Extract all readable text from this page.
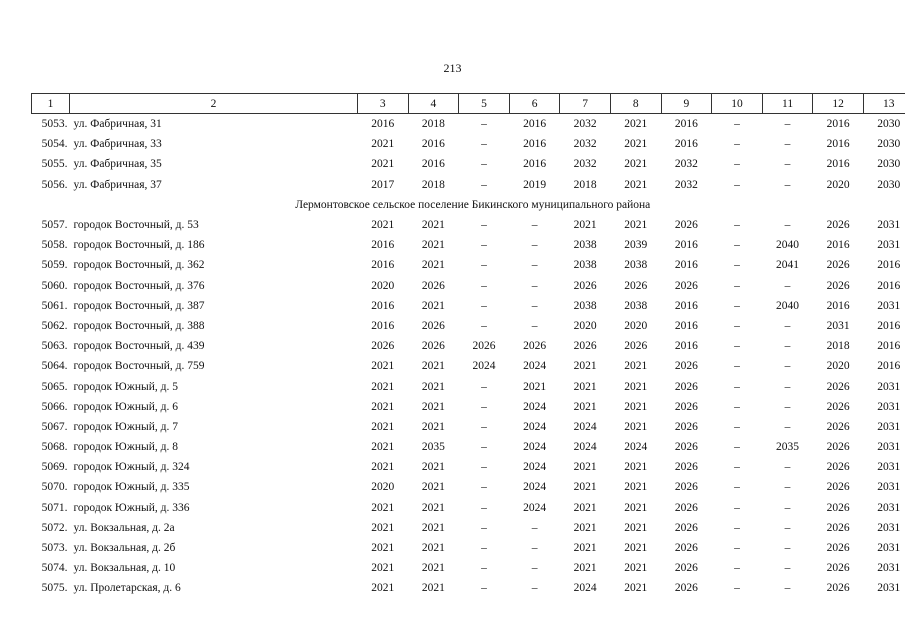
213
1	2	3	4	5	6	7	8	9	10	11	12	13
5053.	ул. Фабричная, 31	2016	2018	–	2016	2032	2021	2016	–	–	2016	2030
5054.	ул. Фабричная, 33	2021	2016	–	2016	2032	2021	2016	–	–	2016	2030
5055.	ул. Фабричная, 35	2021	2016	–	2016	2032	2021	2032	–	–	2016	2030
5056.	ул. Фабричная, 37	2017	2018	–	2019	2018	2021	2032	–	–	2020	2030
Лермонтовское сельское поселение Бикинского муниципального района												
5057.	городок Восточный, д. 53	2021	2021	–	–	2021	2021	2026	–	–	2026	2031
5058.	городок Восточный, д. 186	2016	2021	–	–	2038	2039	2016	–	2040	2016	2031
5059.	городок Восточный, д. 362	2016	2021	–	–	2038	2038	2016	–	2041	2026	2016
5060.	городок Восточный, д. 376	2020	2026	–	–	2026	2026	2026	–	–	2026	2016
5061.	городок Восточный, д. 387	2016	2021	–	–	2038	2038	2016	–	2040	2016	2031
5062.	городок Восточный, д. 388	2016	2026	–	–	2020	2020	2016	–	–	2031	2016
5063.	городок Восточный, д. 439	2026	2026	2026	2026	2026	2026	2016	–	–	2018	2016
5064.	городок Восточный, д. 759	2021	2021	2024	2024	2021	2021	2026	–	–	2020	2016
5065.	городок Южный, д. 5	2021	2021	–	2021	2021	2021	2026	–	–	2026	2031
5066.	городок Южный, д. 6	2021	2021	–	2024	2021	2021	2026	–	–	2026	2031
5067.	городок Южный, д. 7	2021	2021	–	2024	2024	2021	2026	–	–	2026	2031
5068.	городок Южный, д. 8	2021	2035	–	2024	2024	2024	2026	–	2035	2026	2031
5069.	городок Южный, д. 324	2021	2021	–	2024	2021	2021	2026	–	–	2026	2031
5070.	городок Южный, д. 335	2020	2021	–	2024	2021	2021	2026	–	–	2026	2031
5071.	городок Южный, д. 336	2021	2021	–	2024	2021	2021	2026	–	–	2026	2031
5072.	ул. Вокзальная, д. 2а	2021	2021	–	–	2021	2021	2026	–	–	2026	2031
5073.	ул. Вокзальная, д. 2б	2021	2021	–	–	2021	2021	2026	–	–	2026	2031
5074.	ул. Вокзальная, д. 10	2021	2021	–	–	2021	2021	2026	–	–	2026	2031
5075.	ул. Пролетарская, д. 6	2021	2021	–	–	2024	2021	2026	–	–	2026	2031
